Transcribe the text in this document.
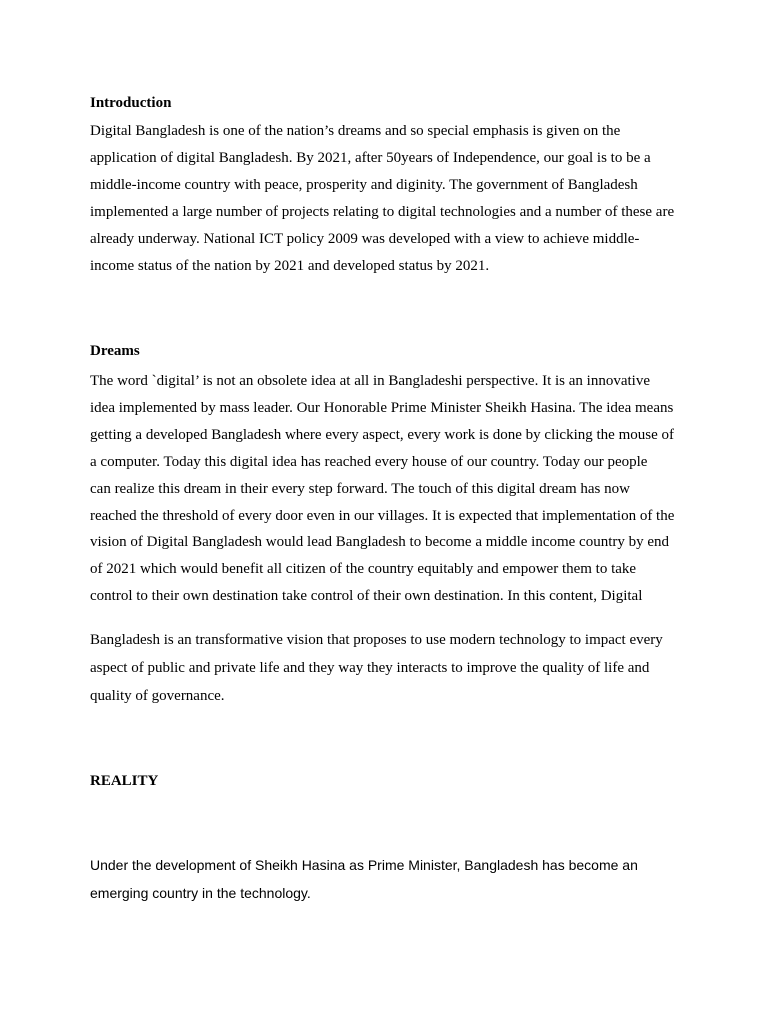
Introduction
Digital Bangladesh is one of the nation’s dreams and so special emphasis is given on the
application of digital Bangladesh. By 2021, after 50years of Independence, our goal is to be a
middle-income country with peace, prosperity and diginity. The government of Bangladesh
implemented a large number of projects relating to digital technologies and a number of these are
already underway. National ICT policy 2009 was developed with a view to achieve middle-
income status of the nation by 2021 and developed status by 2021.
Dreams
The word `digital’ is not an obsolete idea at all in Bangladeshi perspective. It is an innovative
idea implemented by mass leader. Our Honorable Prime Minister Sheikh Hasina. The idea means
getting a developed Bangladesh where every aspect, every work is done by clicking the mouse of
a computer. Today this digital idea has reached every house of our country. Today our people
can realize this dream in their every step forward. The touch of this digital dream has now
reached the threshold of every door even in our villages. It is expected that implementation of the
vision of Digital Bangladesh would lead Bangladesh to become a middle income country by end
of 2021 which would benefit all citizen of the country equitably and empower them to take
control to their own destination take control of their own destination. In this content, Digital
Bangladesh is an transformative vision that proposes to use modern technology to impact every
aspect of public and private life and they way they interacts to improve the quality of life and
quality of governance.
REALITY
Under the development of Sheikh Hasina as Prime Minister, Bangladesh has become an
emerging country in the technology.
